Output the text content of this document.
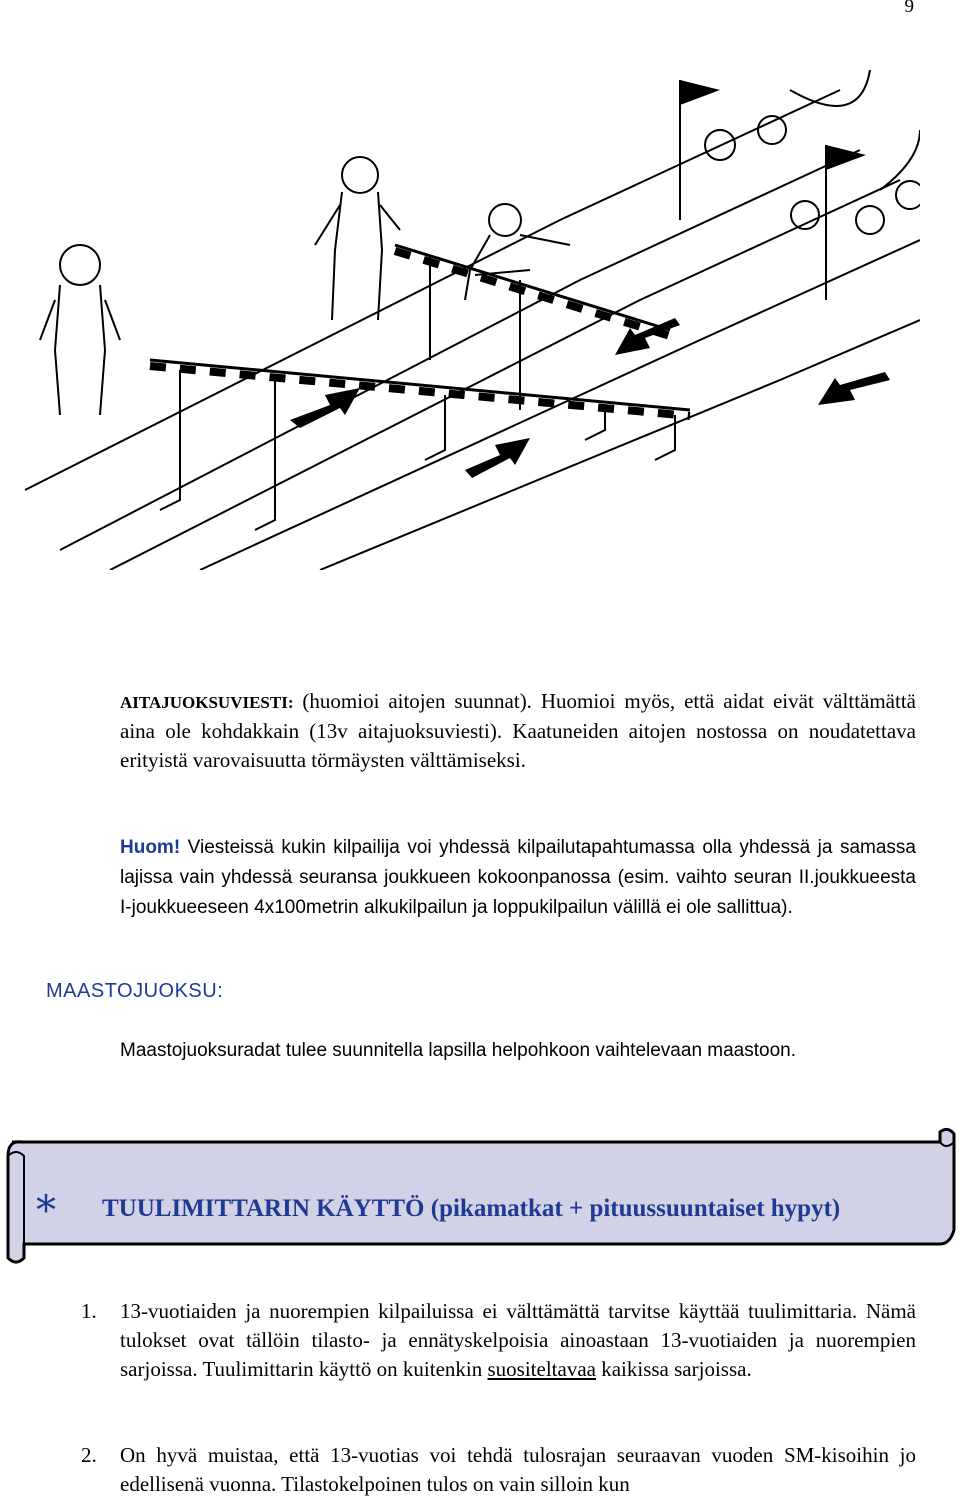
9
AITAJUOKSUVIESTI: (huomioi aitojen suunnat). Huomioi myös, että aidat eivät välttämättä aina ole kohdakkain (13v aitajuoksuviesti). Kaatuneiden aitojen nostossa on noudatettava erityistä varovaisuutta törmäysten välttämiseksi.
Huom! Viesteissä kukin kilpailija voi yhdessä kilpailutapahtumassa olla yhdessä ja samassa lajissa vain yhdessä seuransa joukkueen kokoonpanossa (esim. vaihto seuran II.joukkueesta I-joukkueeseen 4x100metrin alkukilpailun ja loppukilpailun välillä ei ole sallittua).
MAASTOJUOKSU:
Maastojuoksuradat tulee suunnitella lapsilla helpohkoon vaihtelevaan maastoon.
* TUULIMITTARIN KÄYTTÖ (pikamatkat + pituussuuntaiset hypyt)
1. 13-vuotiaiden ja nuorempien kilpailuissa ei välttämättä tarvitse käyttää tuulimittaria. Nämä tulokset ovat tällöin tilasto- ja ennätyskelpoisia ainoastaan 13-vuotiaiden ja nuorempien sarjoissa. Tuulimittarin käyttö on kuitenkin suositeltavaa kaikissa sarjoissa.
2. On hyvä muistaa, että 13-vuotias voi tehdä tulosrajan seuraavan vuoden SM-kisoihin jo edellisenä vuonna. Tilastokelpoinen tulos on vain silloin kun
